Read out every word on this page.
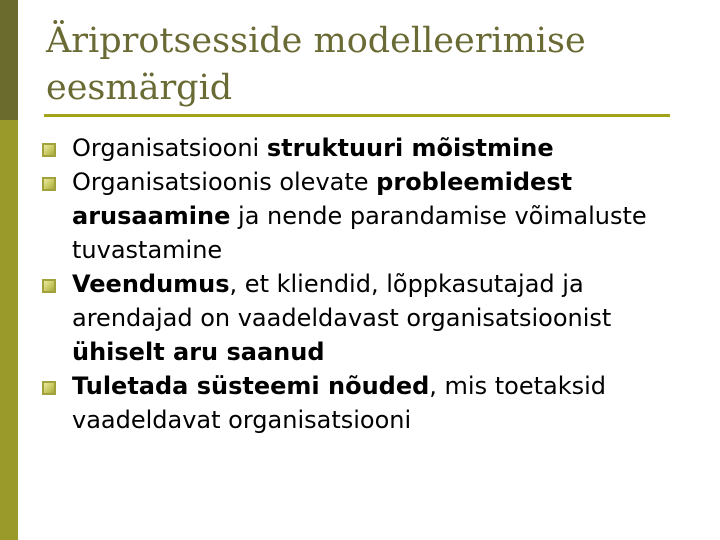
Äriprotsesside modelleerimise
eesmärgid
Organisatsiooni struktuuri mõistmine
Organisatsioonis olevate probleemidest arusaamine ja nende parandamise võimaluste tuvastamine
Veendumus, et kliendid, lõppkasutajad ja arendajad on vaadeldavast organisatsioonist ühiselt aru saanud
Tuletada süsteemi nõuded, mis toetaksid vaadeldavat organisatsiooni
